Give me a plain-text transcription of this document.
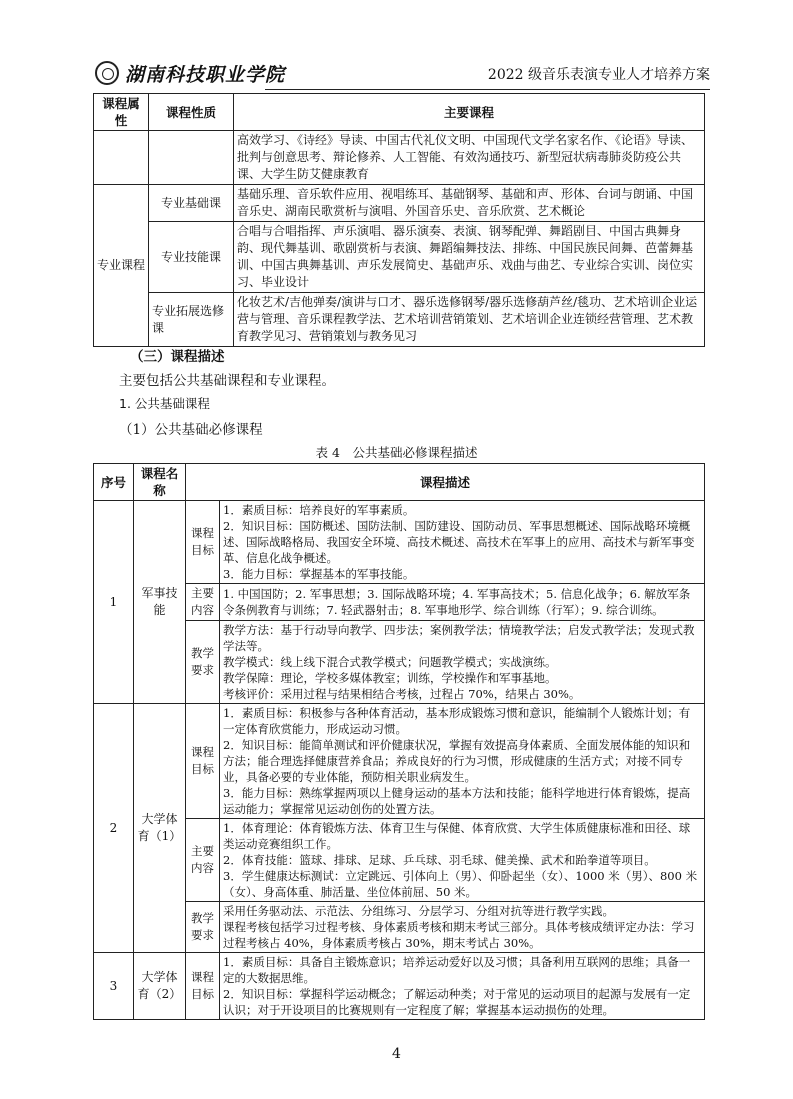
湖南科技职业学院	2022 级音乐表演专业人才培养方案
课程属性	课程性质	主要课程
		高效学习、《诗经》导读、中国古代礼仪文明、中国现代文学名家名作、《论语》导读、批判与创意思考、辩论修养、人工智能、有效沟通技巧、新型冠状病毒肺炎防疫公共课、大学生防艾健康教育
专业课程	专业基础课	基础乐理、音乐软件应用、视唱练耳、基础钢琴、基础和声、形体、台词与朗诵、中国音乐史、湖南民歌赏析与演唱、外国音乐史、音乐欣赏、艺术概论
	专业技能课	合唱与合唱指挥、声乐演唱、器乐演奏、表演、钢琴配弹、舞蹈剧目、中国古典舞身韵、现代舞基训、歌剧赏析与表演、舞蹈编舞技法、排练、中国民族民间舞、芭蕾舞基训、中国古典舞基训、声乐发展简史、基础声乐、戏曲与曲艺、专业综合实训、岗位实习、毕业设计
	专业拓展选修课	化妆艺术/吉他弹奏/演讲与口才、器乐选修钢琴/器乐选修葫芦丝/毯功、艺术培训企业运营与管理、音乐课程教学法、艺术培训营销策划、艺术培训企业连锁经营管理、艺术教育教学见习、营销策划与教务见习
（三）课程描述
主要包括公共基础课程和专业课程。
1. 公共基础课程
（1）公共基础必修课程
表 4　公共基础必修课程描述
序号	课程名称	课程描述	
1	军事技能	课程目标	1．素质目标：培养良好的军事素质。
2．知识目标：国防概述、国防法制、国防建设、国防动员、军事思想概述、国际战略环境概述、国际战略格局、我国安全环境、高技术概述、高技术在军事上的应用、高技术与新军事变革、信息化战争概述。
3．能力目标：掌握基本的军事技能。
		主要内容	1. 中国国防；2. 军事思想；3. 国际战略环境；4. 军事高技术；5. 信息化战争；6. 解放军条令条例教育与训练；7. 轻武器射击；8. 军事地形学、综合训练（行军）；9. 综合训练。
		教学要求	教学方法：基于行动导向教学、四步法；案例教学法；情境教学法；启发式教学法；发现式教学法等。
教学模式：线上线下混合式教学模式；问题教学模式；实战演练。
教学保障：理论，学校多媒体教室；训练，学校操作和军事基地。
考核评价：采用过程与结果相结合考核，过程占 70%，结果占 30%。
2	大学体育（1）	课程目标	1．素质目标：积极参与各种体育活动，基本形成锻炼习惯和意识，能编制个人锻炼计划；有一定体育欣赏能力，形成运动习惯。
2．知识目标：能简单测试和评价健康状况，掌握有效提高身体素质、全面发展体能的知识和方法；能合理选择健康营养食品；养成良好的行为习惯，形成健康的生活方式；对接不同专业，具备必要的专业体能，预防相关职业病发生。
3．能力目标：熟练掌握两项以上健身运动的基本方法和技能；能科学地进行体育锻炼，提高运动能力；掌握常见运动创伤的处置方法。
		主要内容	1．体育理论：体育锻炼方法、体育卫生与保健、体育欣赏、大学生体质健康标准和田径、球类运动竞赛组织工作。
2．体育技能：篮球、排球、足球、乒乓球、羽毛球、健美操、武术和跆拳道等项目。
3．学生健康达标测试：立定跳远、引体向上（男）、仰卧起坐（女）、1000 米（男）、800 米（女）、身高体重、肺活量、坐位体前屈、50 米。
		教学要求	采用任务驱动法、示范法、分组练习、分层学习、分组对抗等进行教学实践。
课程考核包括学习过程考核、身体素质考核和期末考试三部分。具体考核成绩评定办法：学习过程考核占 40%，身体素质考核占 30%，期末考试占 30%。
3	大学体育（2）	课程目标	1．素质目标：具备自主锻炼意识；培养运动爱好以及习惯；具备利用互联网的思维；具备一定的大数据思维。
2．知识目标：掌握科学运动概念；了解运动种类；对于常见的运动项目的起源与发展有一定认识；对于开设项目的比赛规则有一定程度了解；掌握基本运动损伤的处理。
4
